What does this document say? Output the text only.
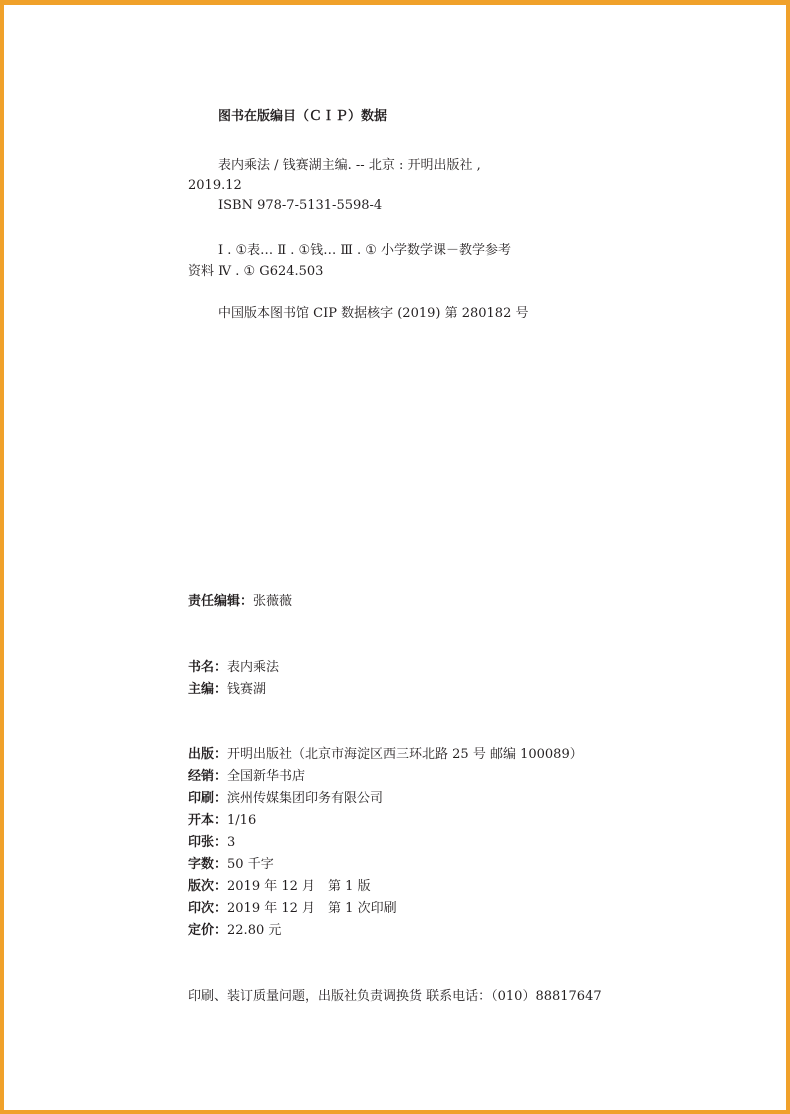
图书在版编目（ＣＩＰ）数据
表内乘法 / 钱赛湖主编. -- 北京 : 开明出版社 ,
2019.12
ISBN 978-7-5131-5598-4
Ⅰ . ①表… Ⅱ . ①钱… Ⅲ . ① 小学数学课－教学参考
资料 Ⅳ . ① G624.503
中国版本图书馆 CIP 数据核字 (2019) 第 280182 号
责任编辑：张薇薇
书名：表内乘法
主编：钱赛湖
出版：开明出版社（北京市海淀区西三环北路 25 号 邮编 100089）
经销：全国新华书店
印刷：滨州传媒集团印务有限公司
开本：1/16
印张：3
字数：50 千字
版次：2019 年 12 月　第 1 版
印次：2019 年 12 月　第 1 次印刷
定价：22.80 元
印刷、装订质量问题，出版社负责调换货 联系电话：（010）88817647
